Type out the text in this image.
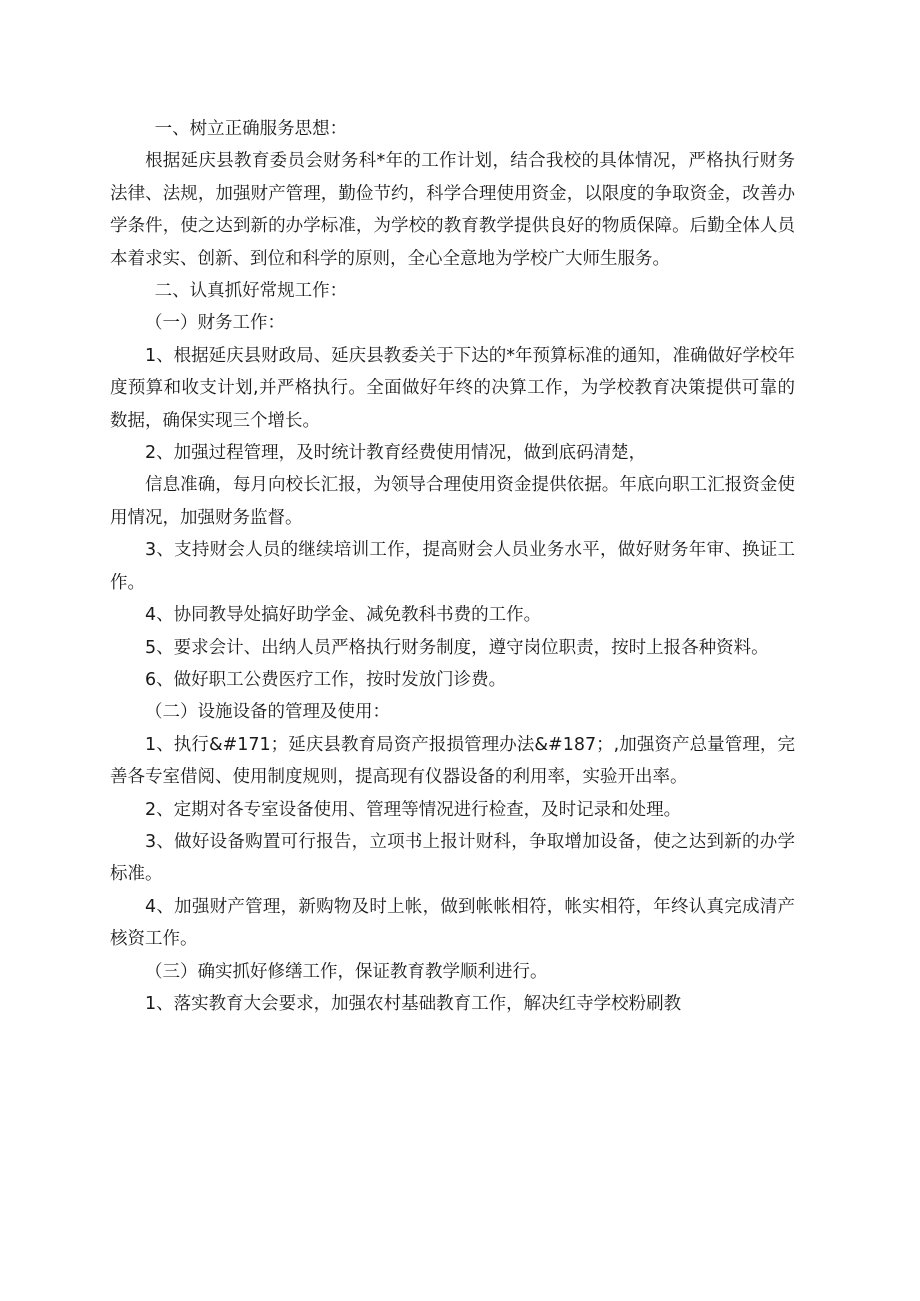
一、树立正确服务思想：

根据延庆县教育委员会财务科*年的工作计划，结合我校的具体情况，严格执行财务法律、法规，加强财产管理，勤俭节约，科学合理使用资金，以限度的争取资金，改善办学条件，使之达到新的办学标准，为学校的教育教学提供良好的物质保障。后勤全体人员本着求实、创新、到位和科学的原则，全心全意地为学校广大师生服务。

二、认真抓好常规工作：

（一）财务工作：

1、根据延庆县财政局、延庆县教委关于下达的*年预算标准的通知，准确做好学校年度预算和收支计划,并严格执行。全面做好年终的决算工作，为学校教育决策提供可靠的数据，确保实现三个增长。

2、加强过程管理，及时统计教育经费使用情况，做到底码清楚，

信息准确，每月向校长汇报，为领导合理使用资金提供依据。年底向职工汇报资金使用情况，加强财务监督。

3、支持财会人员的继续培训工作，提高财会人员业务水平，做好财务年审、换证工作。

4、协同教导处搞好助学金、减免教科书费的工作。

5、要求会计、出纳人员严格执行财务制度，遵守岗位职责，按时上报各种资料。

6、做好职工公费医疗工作，按时发放门诊费。

（二）设施设备的管理及使用：

1、执行&#171；延庆县教育局资产报损管理办法&#187；,加强资产总量管理，完善各专室借阅、使用制度规则，提高现有仪器设备的利用率，实验开出率。

2、定期对各专室设备使用、管理等情况进行检查，及时记录和处理。

3、做好设备购置可行报告，立项书上报计财科，争取增加设备，使之达到新的办学标准。

4、加强财产管理，新购物及时上帐，做到帐帐相符，帐实相符，年终认真完成清产核资工作。

（三）确实抓好修缮工作，保证教育教学顺利进行。

1、落实教育大会要求，加强农村基础教育工作，解决红寺学校粉刷教
